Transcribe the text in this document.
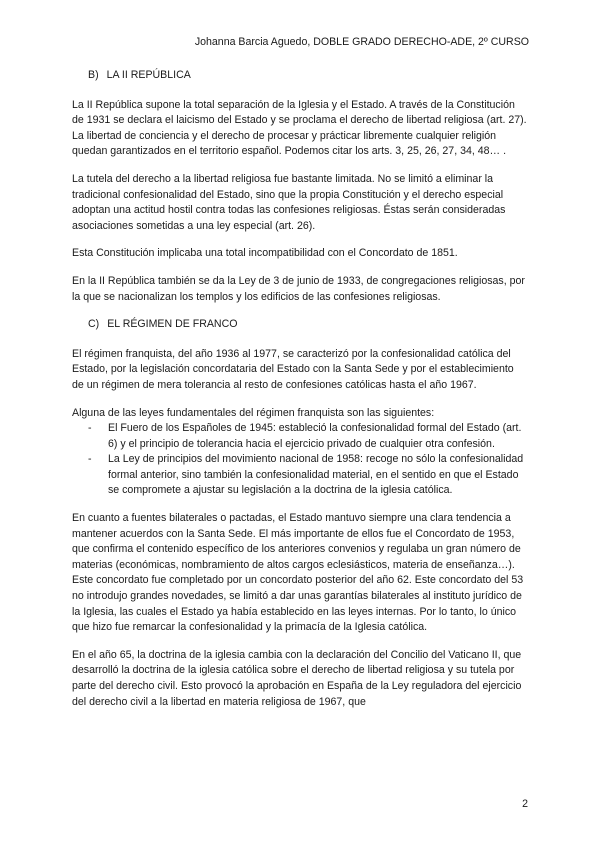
Johanna Barcia Aguedo, DOBLE GRADO DERECHO-ADE, 2º CURSO
B) LA II REPÚBLICA

La II República supone la total separación de la Iglesia y el Estado. A través de la Constitución de 1931 se declara el laicismo del Estado y se proclama el derecho de libertad religiosa (art. 27). La libertad de conciencia y el derecho de procesar y prácticar libremente cualquier religión quedan garantizados en el territorio español. Podemos citar los arts. 3, 25, 26, 27, 34, 48… .

La tutela del derecho a la libertad religiosa fue bastante limitada. No se limitó a eliminar la tradicional confesionalidad del Estado, sino que la propia Constitución y el derecho especial adoptan una actitud hostil contra todas las confesiones religiosas. Éstas serán consideradas asociaciones sometidas a una ley especial (art. 26).

Esta Constitución implicaba una total incompatibilidad con el Concordato de 1851.

En la II República también se da la Ley de 3 de junio de 1933, de congregaciones religiosas, por la que se nacionalizan los templos y los edificios de las confesiones religiosas.

C) EL RÉGIMEN DE FRANCO

El régimen franquista, del año 1936 al 1977, se caracterizó por la confesionalidad católica del Estado, por la legislación concordataria del Estado con la Santa Sede y por el establecimiento de un régimen de mera tolerancia al resto de confesiones católicas hasta el año 1967.

Alguna de las leyes fundamentales del régimen franquista son las siguientes:

- El Fuero de los Españoles de 1945: estableció la confesionalidad formal del Estado (art. 6) y el principio de tolerancia hacia el ejercicio privado de cualquier otra confesión.
- La Ley de principios del movimiento nacional de 1958: recoge no sólo la confesionalidad formal anterior, sino también la confesionalidad material, en el sentido en que el Estado se compromete a ajustar su legislación a la doctrina de la iglesia católica.

En cuanto a fuentes bilaterales o pactadas, el Estado mantuvo siempre una clara tendencia a mantener acuerdos con la Santa Sede. El más importante de ellos fue el Concordato de 1953, que confirma el contenido específico de los anteriores convenios y regulaba un gran número de materias (económicas, nombramiento de altos cargos eclesiásticos, materia de enseñanza…). Este concordato fue completado por un concordato posterior del año 62. Este concordato del 53 no introdujo grandes novedades, se limitó a dar unas garantías bilaterales al instituto jurídico de la Iglesia, las cuales el Estado ya había establecido en las leyes internas. Por lo tanto, lo único que hizo fue remarcar la confesionalidad y la primacía de la Iglesia católica.

En el año 65, la doctrina de la iglesia cambia con la declaración del Concilio del Vaticano II, que desarrolló la doctrina de la iglesia católica sobre el derecho de libertad religiosa y su tutela por parte del derecho civil. Esto provocó la aprobación en España de la Ley reguladora del ejercicio del derecho civil a la libertad en materia religiosa de 1967, que

2
